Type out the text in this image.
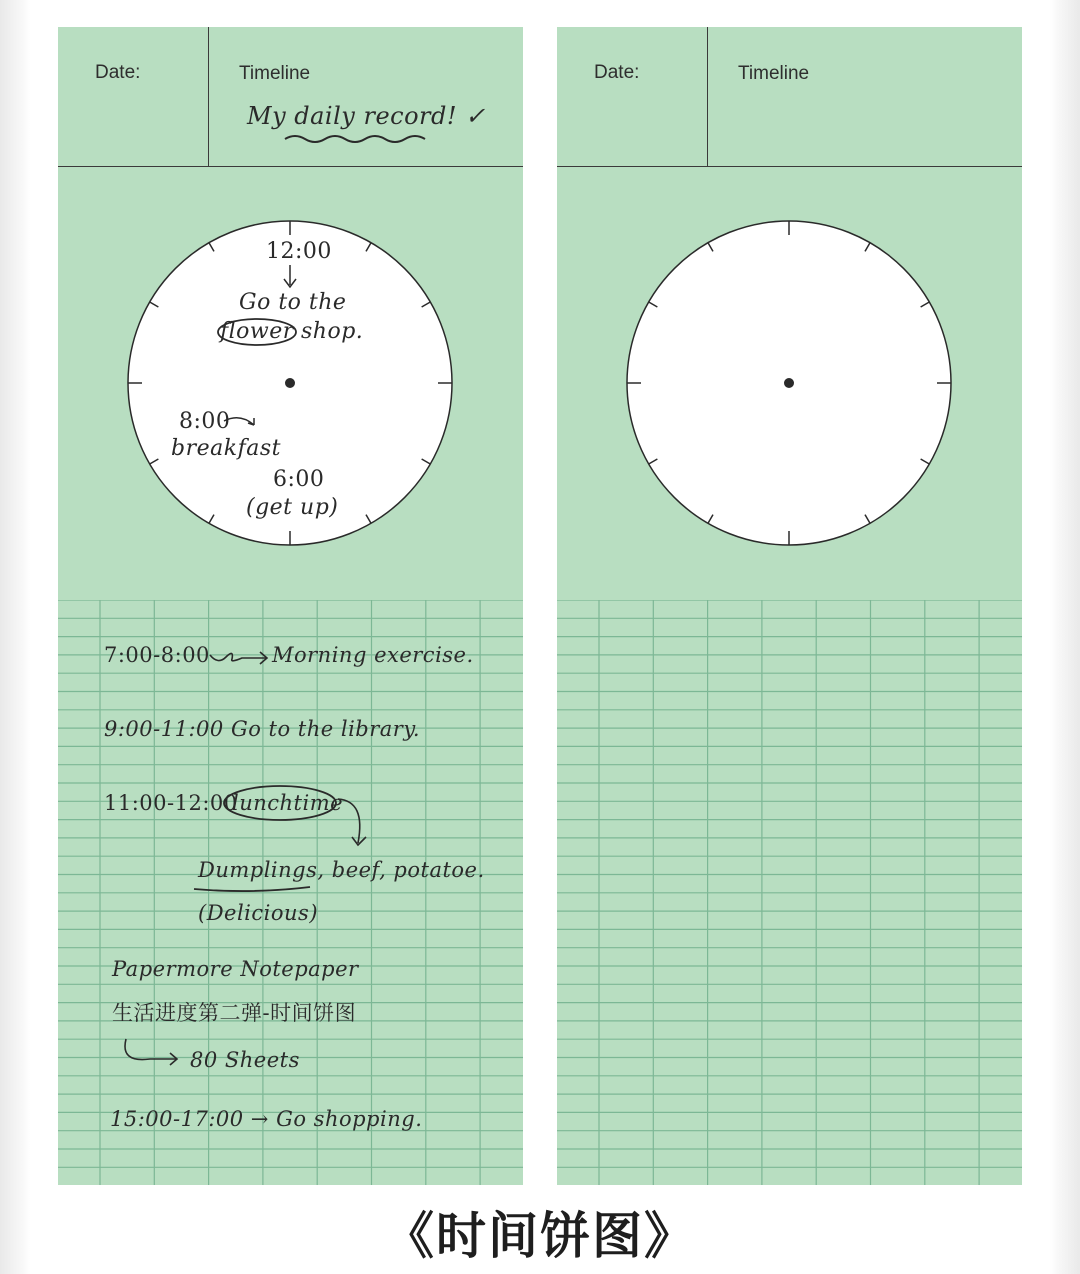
Date:	Timeline
My daily record! ✓
12:00
Go to the
flower shop.
8:00
breakfast
6:00
(get up)
7:00-8:00	Morning exercise.
9:00-11:00 Go to the library.
11:00-12:00
lunchtime
Dumplings, beef, potatoe.
(Delicious)
Papermore Notepaper
生活进度第二弹-时间饼图
80 Sheets
15:00-17:00 → Go shopping.
Date:	Timeline
《时间饼图》
